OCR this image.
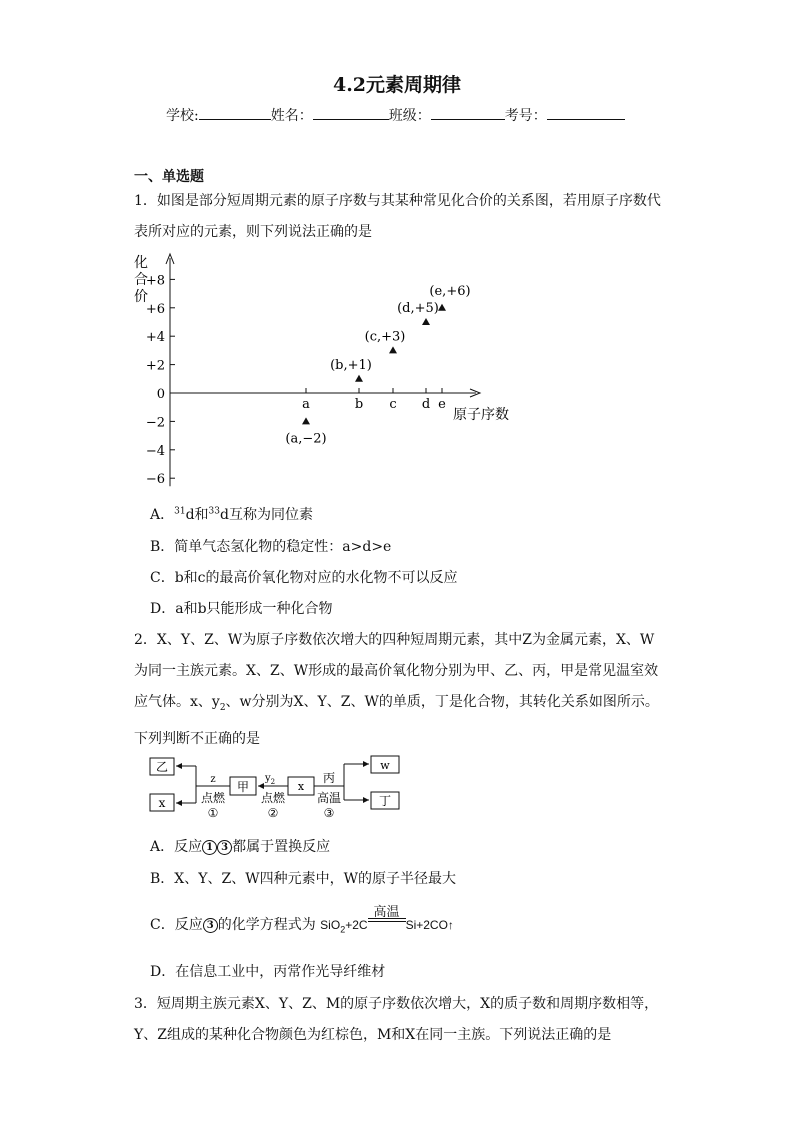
4.2元素周期律
学校:	姓名：	班级：	考号：
一、单选题
1．如图是部分短周期元素的原子序数与其某种常见化合价的关系图，若用原子序数代
表所对应的元素，则下列说法正确的是
化
合
价
+8
+6
+4
+2
0
−2
−4
−6
原子序数
a
(a,−2)
b
(b,+1)
c
(c,+3)
d
(d,+5)
e
(e,+6)
A．$^{31}$d和$^{33}$d互称为同位素
B．简单气态氢化物的稳定性：a>d>e
C．b和c的最高价氧化物对应的水化物不可以反应
D．a和b只能形成一种化合物
2．X、Y、Z、W为原子序数依次增大的四种短周期元素，其中Z为金属元素，X、W
为同一主族元素。X、Z、W形成的最高价氧化物分别为甲、乙、丙，甲是常见温室效
应气体。x、$y_2$、w分别为X、Y、Z、W的单质，丁是化合物，其转化关系如图所示。
下列判断不正确的是
乙
x
甲	x
w
丁
z
点燃
①
$y_2$
点燃
②
丙
高温
③
A．反应 1 3 都属于置换反应
B．X、Y、Z、W四种元素中，W的原子半径最大
C．反应 3 的化学方程式为 SiO$_2$+2C
高温
Si+2CO↑
D．在信息工业中，丙常作光导纤维材
3．短周期主族元素X、Y、Z、M的原子序数依次增大，X的质子数和周期序数相等，
Y、Z组成的某种化合物颜色为红棕色，M和X在同一主族。下列说法正确的是
